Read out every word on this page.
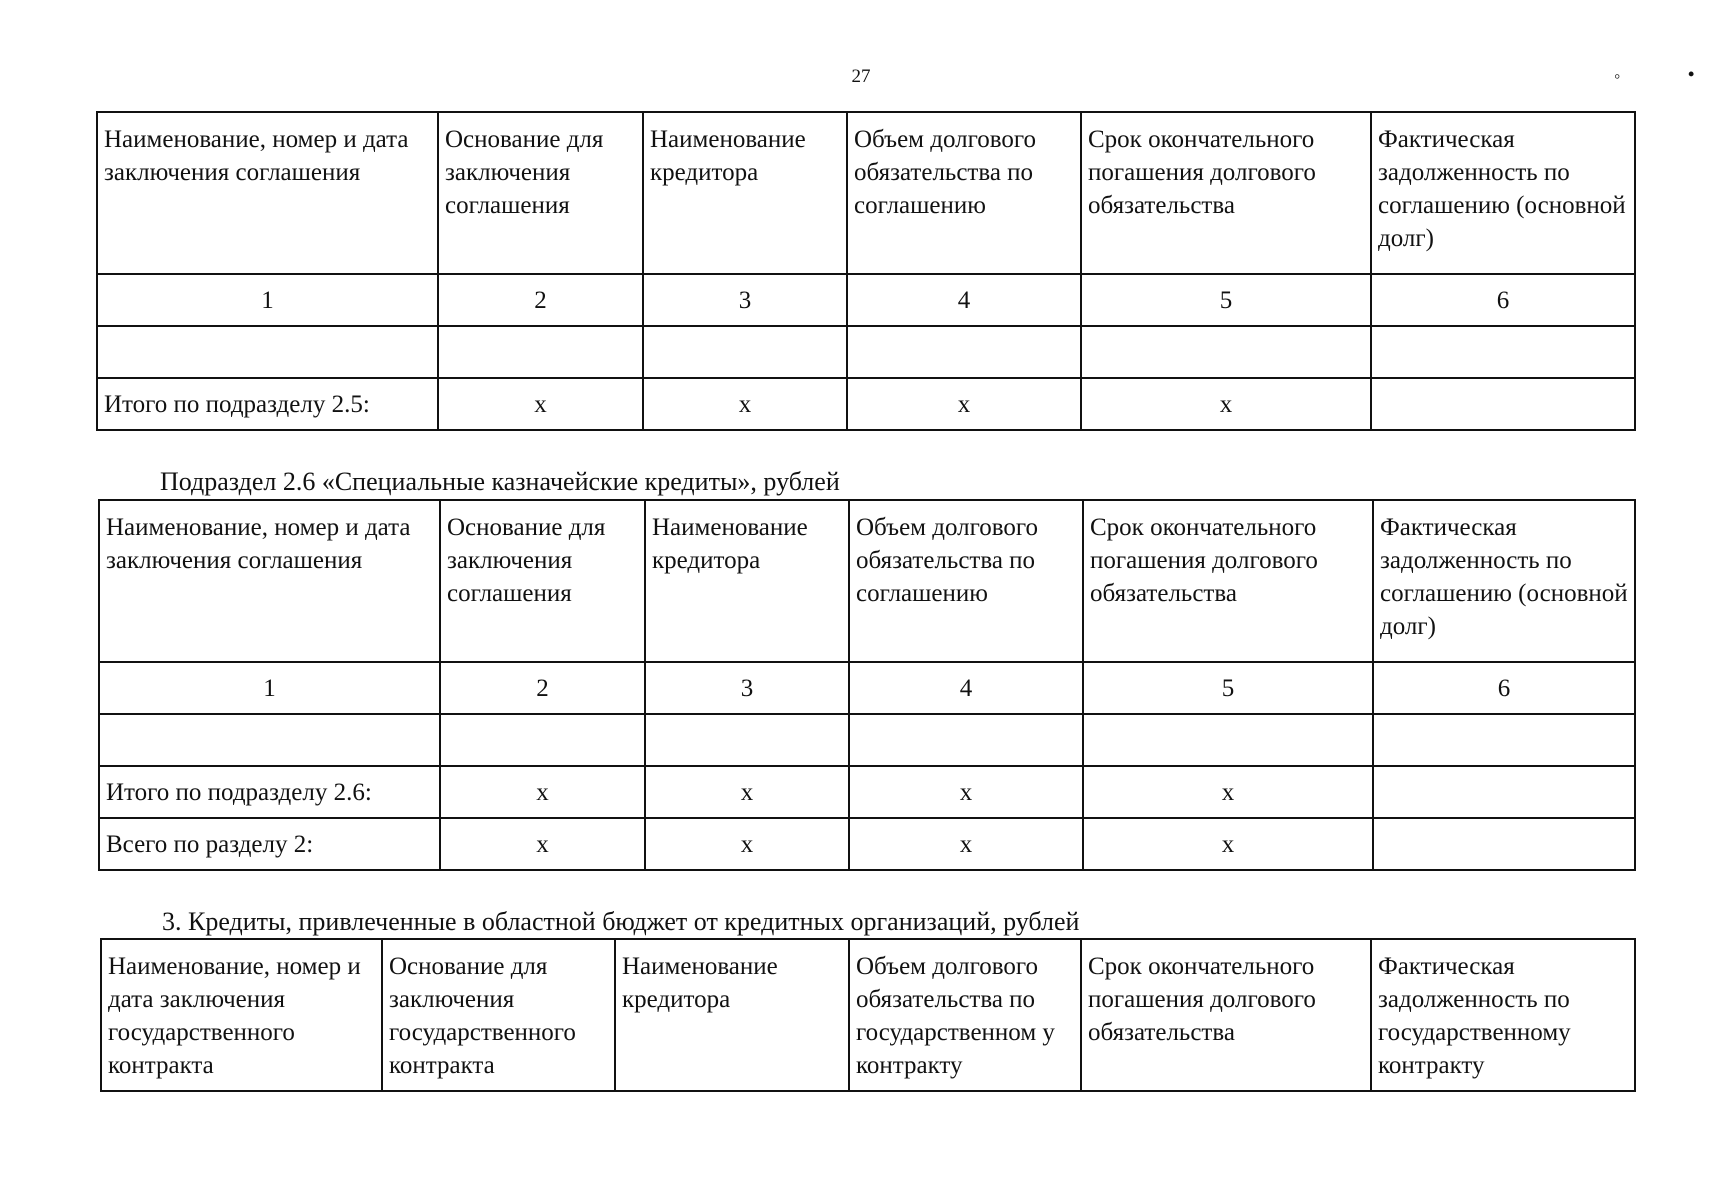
27	◦	•
Наименование, номер и дата заключения соглашения	Основание для заключения соглашения	Наименование кредитора	Объем долгового обязательства по соглашению	Срок окончательного погашения долгового обязательства	Фактическая задолженность по соглашению (основной долг)
1	2	3	4	5	6

Итого по подразделу 2.5:	x	x	x	x	
Подраздел 2.6 «Специальные казначейские кредиты», рублей
Наименование, номер и дата заключения соглашения	Основание для заключения соглашения	Наименование кредитора	Объем долгового обязательства по соглашению	Срок окончательного погашения долгового обязательства	Фактическая задолженность по соглашению (основной долг)
1	2	3	4	5	6

Итого по подразделу 2.6:	x	x	x	x	
Всего по разделу 2:	x	x	x	x	
3. Кредиты, привлеченные в областной бюджет от кредитных организаций, рублей
Наименование, номер и дата заключения государственного контракта	Основание для заключения государственного контракта	Наименование кредитора	Объем долгового обязательства по государственном у контракту	Срок окончательного погашения долгового обязательства	Фактическая задолженность по государственному контракту
